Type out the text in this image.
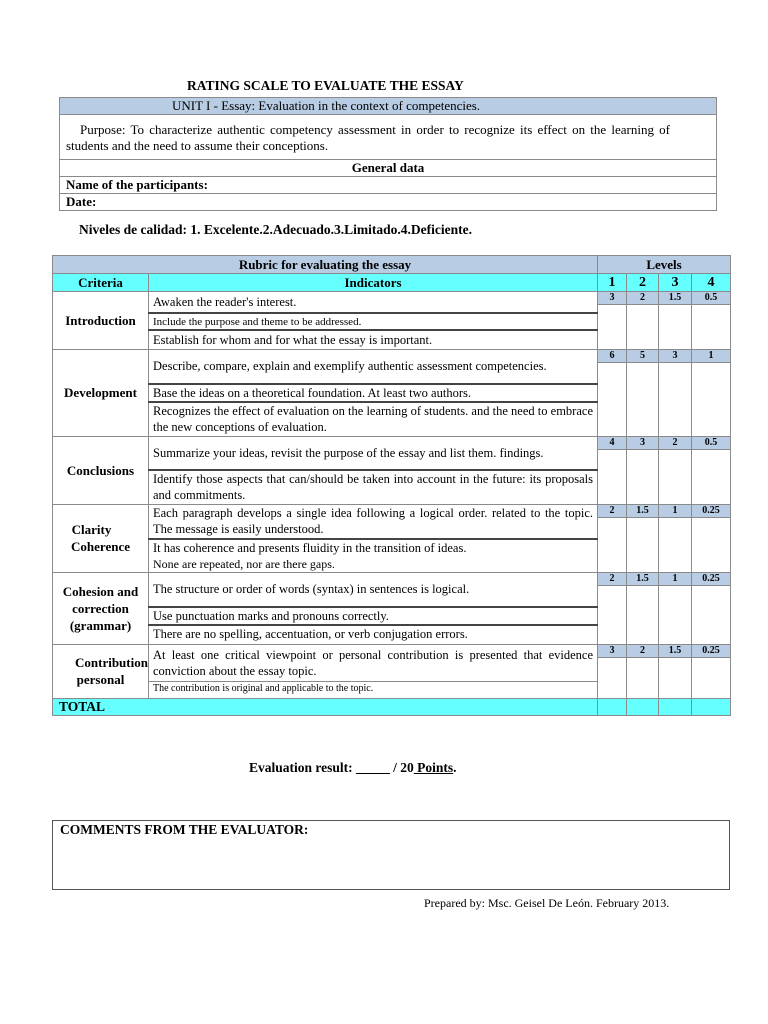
RATING SCALE TO EVALUATE THE ESSAY
UNIT I - Essay: Evaluation in the context of competencies.
Purpose: To characterize authentic competency assessment in order to recognize its effect on the learning of students and the need to assume their conceptions.
General data
Name of the participants:
Date:
Niveles de calidad: 1. Excelente.2.Adecuado.3.Limitado.4.Deficiente.
Rubric for evaluating the essay		Levels			
Criteria	Indicators	1	2	3	4
Introduction	Awaken the reader's interest.	3	2	1.5	0.5

	Include the purpose and theme to be addressed.				
	Establish for whom and for what the essay is important.				
Development	Describe, compare, explain and exemplify authentic assessment competencies.	6	5	3	1

	Base the ideas on a theoretical foundation. At least two authors.				
	Recognizes the effect of evaluation on the learning of students. and the need to embrace the new conceptions of evaluation.				
Conclusions	Summarize your ideas, revisit the purpose of the essay and list them. findings.	4	3	2	0.5

	Identify those aspects that can/should be taken into account in the future: its proposals and commitments.				

Clarity
Coherence	Each paragraph develops a single idea following a logical order. related to the topic. The message is easily understood.	2	1.5	1	0.25

	It has coherence and presents fluidity in the transition of ideas.				
	None are repeated, nor are there gaps.				

Cohesion and
correction
(grammar)	The structure or order of words (syntax) in sentences is logical.	2	1.5	1	0.25

	Use punctuation marks and pronouns correctly.				
	There are no spelling, accentuation, or verb conjugation errors.				

Contribution
personal	At least one critical viewpoint or personal contribution is presented that evidence conviction about the essay topic.	3	2	1.5	0.25

	The contribution is original and applicable to the topic.				
TOTAL					
Evaluation result: _____ / 20 Points.
COMMENTS FROM THE EVALUATOR:
Prepared by: Msc. Geisel De León. February 2013.
